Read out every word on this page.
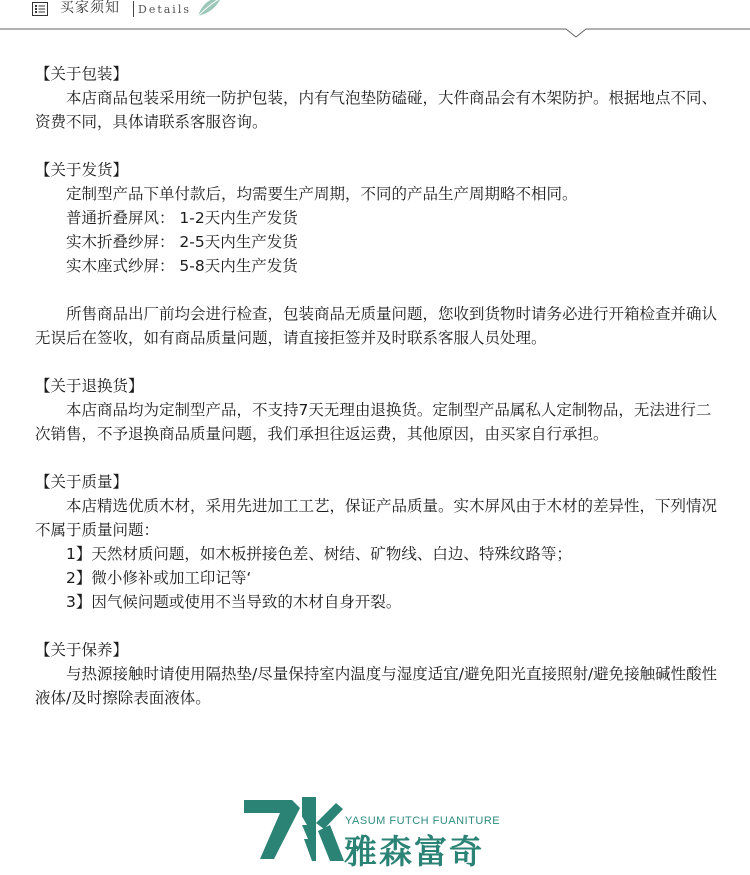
买家须知 Details
【关于包装】

本店商品包装采用统一防护包装，内有气泡垫防磕碰，大件商品会有木架防护。根据地点不同、资费不同，具体请联系客服咨询。

【关于发货】
定制型产品下单付款后，均需要生产周期，不同的产品生产周期略不相同。
普通折叠屏风： 1-2天内生产发货
实木折叠纱屏： 2-5天内生产发货
实木座式纱屏： 5-8天内生产发货

所售商品出厂前均会进行检查，包装商品无质量问题，您收到货物时请务必进行开箱检查并确认无误后在签收，如有商品质量问题，请直接拒签并及时联系客服人员处理。

【关于退换货】

本店商品均为定制型产品，不支持7天无理由退换货。定制型产品属私人定制物品，无法进行二次销售，不予退换商品质量问题，我们承担往返运费，其他原因，由买家自行承担。

【关于质量】

本店精选优质木材，采用先进加工工艺，保证产品质量。实木屏风由于木材的差异性，下列情况不属于质量问题：

1】天然材质问题，如木板拼接色差、树结、矿物线、白边、特殊纹路等；
2】微小修补或加工印记等‘
3】因气候问题或使用不当导致的木材自身开裂。
【关于保养】

与热源接触时请使用隔热垫/尽量保持室内温度与湿度适宜/避免阳光直接照射/避免接触碱性酸性液体/及时擦除表面液体。

YASUM FUTCH FUANITURE
雅森富奇
